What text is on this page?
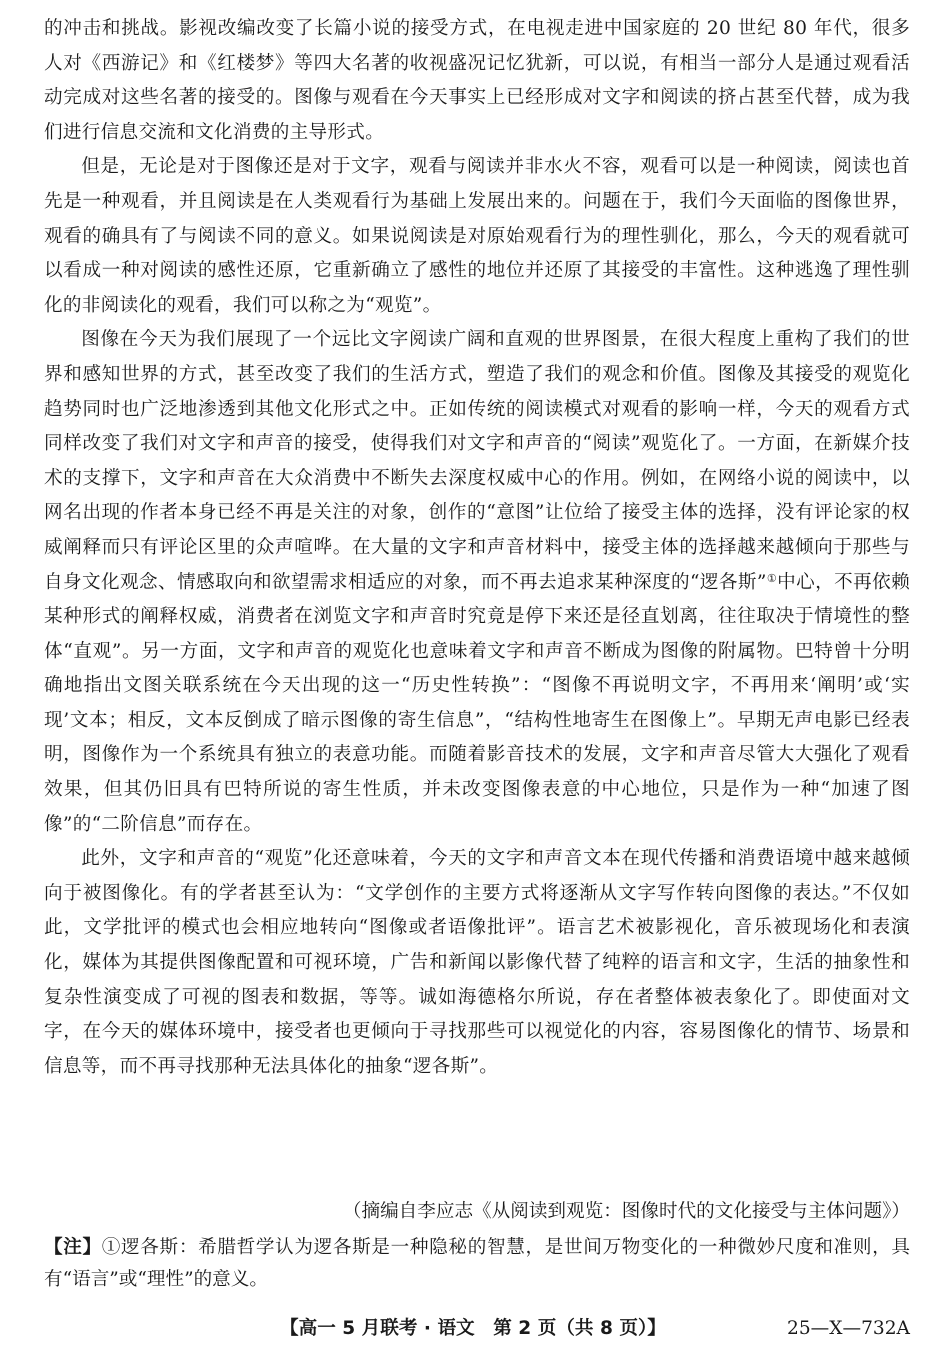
的冲击和挑战。影视改编改变了长篇小说的接受方式，在电视走进中国家庭的 20 世纪 80 年代，很多人对《西游记》和《红楼梦》等四大名著的收视盛况记忆犹新，可以说，有相当一部分人是通过观看活动完成对这些名著的接受的。图像与观看在今天事实上已经形成对文字和阅读的挤占甚至代替，成为我们进行信息交流和文化消费的主导形式。

但是，无论是对于图像还是对于文字，观看与阅读并非水火不容，观看可以是一种阅读，阅读也首先是一种观看，并且阅读是在人类观看行为基础上发展出来的。问题在于，我们今天面临的图像世界，观看的确具有了与阅读不同的意义。如果说阅读是对原始观看行为的理性驯化，那么，今天的观看就可以看成一种对阅读的感性还原，它重新确立了感性的地位并还原了其接受的丰富性。这种逃逸了理性驯化的非阅读化的观看，我们可以称之为“观览”。

图像在今天为我们展现了一个远比文字阅读广阔和直观的世界图景，在很大程度上重构了我们的世界和感知世界的方式，甚至改变了我们的生活方式，塑造了我们的观念和价值。图像及其接受的观览化趋势同时也广泛地渗透到其他文化形式之中。正如传统的阅读模式对观看的影响一样，今天的观看方式同样改变了我们对文字和声音的接受，使得我们对文字和声音的“阅读”观览化了。一方面，在新媒介技术的支撑下，文字和声音在大众消费中不断失去深度权威中心的作用。例如，在网络小说的阅读中，以网名出现的作者本身已经不再是关注的对象，创作的“意图”让位给了接受主体的选择，没有评论家的权威阐释而只有评论区里的众声喧哗。在大量的文字和声音材料中，接受主体的选择越来越倾向于那些与自身文化观念、情感取向和欲望需求相适应的对象，而不再去追求某种深度的“逻各斯”①中心，不再依赖某种形式的阐释权威，消费者在浏览文字和声音时究竟是停下来还是径直划离，往往取决于情境性的整体“直观”。另一方面，文字和声音的观览化也意味着文字和声音不断成为图像的附属物。巴特曾十分明确地指出文图关联系统在今天出现的这一“历史性转换”：“图像不再说明文字，不再用来‘阐明’或‘实现’文本；相反，文本反倒成了暗示图像的寄生信息”，“结构性地寄生在图像上”。早期无声电影已经表明，图像作为一个系统具有独立的表意功能。而随着影音技术的发展，文字和声音尽管大大强化了观看效果，但其仍旧具有巴特所说的寄生性质，并未改变图像表意的中心地位，只是作为一种“加速了图像”的“二阶信息”而存在。

此外，文字和声音的“观览”化还意味着，今天的文字和声音文本在现代传播和消费语境中越来越倾向于被图像化。有的学者甚至认为：“文学创作的主要方式将逐渐从文字写作转向图像的表达。”不仅如此，文学批评的模式也会相应地转向“图像或者语像批评”。语言艺术被影视化，音乐被现场化和表演化，媒体为其提供图像配置和可视环境，广告和新闻以影像代替了纯粹的语言和文字，生活的抽象性和复杂性演变成了可视的图表和数据，等等。诚如海德格尔所说，存在者整体被表象化了。即使面对文字，在今天的媒体环境中，接受者也更倾向于寻找那些可以视觉化的内容，容易图像化的情节、场景和信息等，而不再寻找那种无法具体化的抽象“逻各斯”。

（摘编自李应志《从阅读到观览：图像时代的文化接受与主体问题》）
【注】①逻各斯：希腊哲学认为逻各斯是一种隐秘的智慧，是世间万物变化的一种微妙尺度和准则，具有“语言”或“理性”的意义。
【高一 5 月联考 · 语文　第 2 页（共 8 页）】	25—X—732A
